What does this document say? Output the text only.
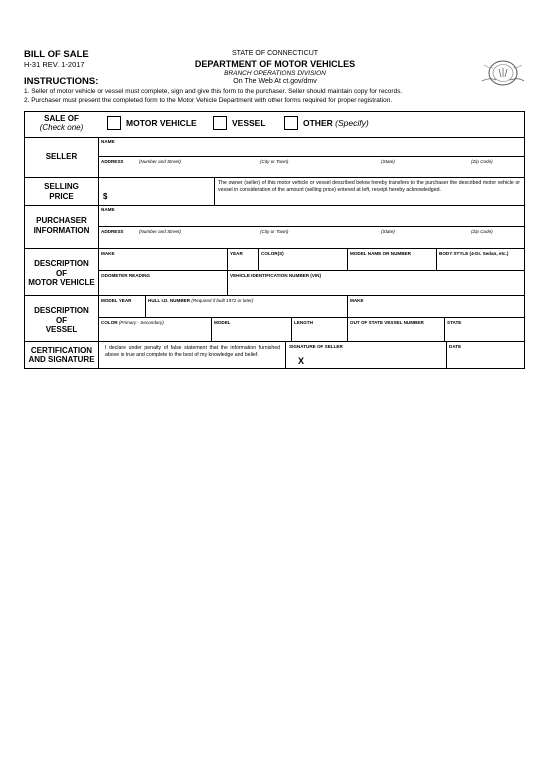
BILL OF SALE
H-31 REV. 1-2017
INSTRUCTIONS:
STATE OF CONNECTICUT
DEPARTMENT OF MOTOR VEHICLES
BRANCH OPERATIONS DIVISION
On The Web At ct.gov/dmv
1. Seller of motor vehicle or vessel must complete, sign and give this form to the purchaser. Seller should maintain copy for records.
2. Purchaser must present the completed form to the Motor Vehicle Department with other forms required for proper registration.
SALE OF
(Check one)	MOTOR VEHICLE	VESSEL	OTHER (Specify)
SELLER
NAME
ADDRESS	(Number and Street)	(City or Town)	(State)	(Zip Code)
SELLING
PRICE	$
The owner (seller) of this motor vehicle or vessel described below hereby transfers to the purchaser the described motor vehicle or vessel in consideration of the amount (selling price) entered at left, receipt hereby acknowledged.
PURCHASER
INFORMATION
NAME
ADDRESS	(Number and Street)	(City or Town)	(State)	(Zip Code)
DESCRIPTION
OF
MOTOR VEHICLE
MAKE	YEAR	COLOR(S)	MODEL NAME OR NUMBER	BODY STYLE (4-Dr. Sedan, etc.)
ODOMETER READING	VEHICLE IDENTIFICATION NUMBER (VIN)
DESCRIPTION
OF
VESSEL
MODEL YEAR	HULL I.D. NUMBER (Required if built 1972 or later)	MAKE
COLOR (Primary - Secondary)	MODEL	LENGTH	OUT OF STATE VESSEL NUMBER	STATE
CERTIFICATION
AND SIGNATURE
I declare under penalty of false statement that the information furnished above is true and complete to the best of my knowledge and belief.
SIGNATURE OF SELLER
X
DATE
